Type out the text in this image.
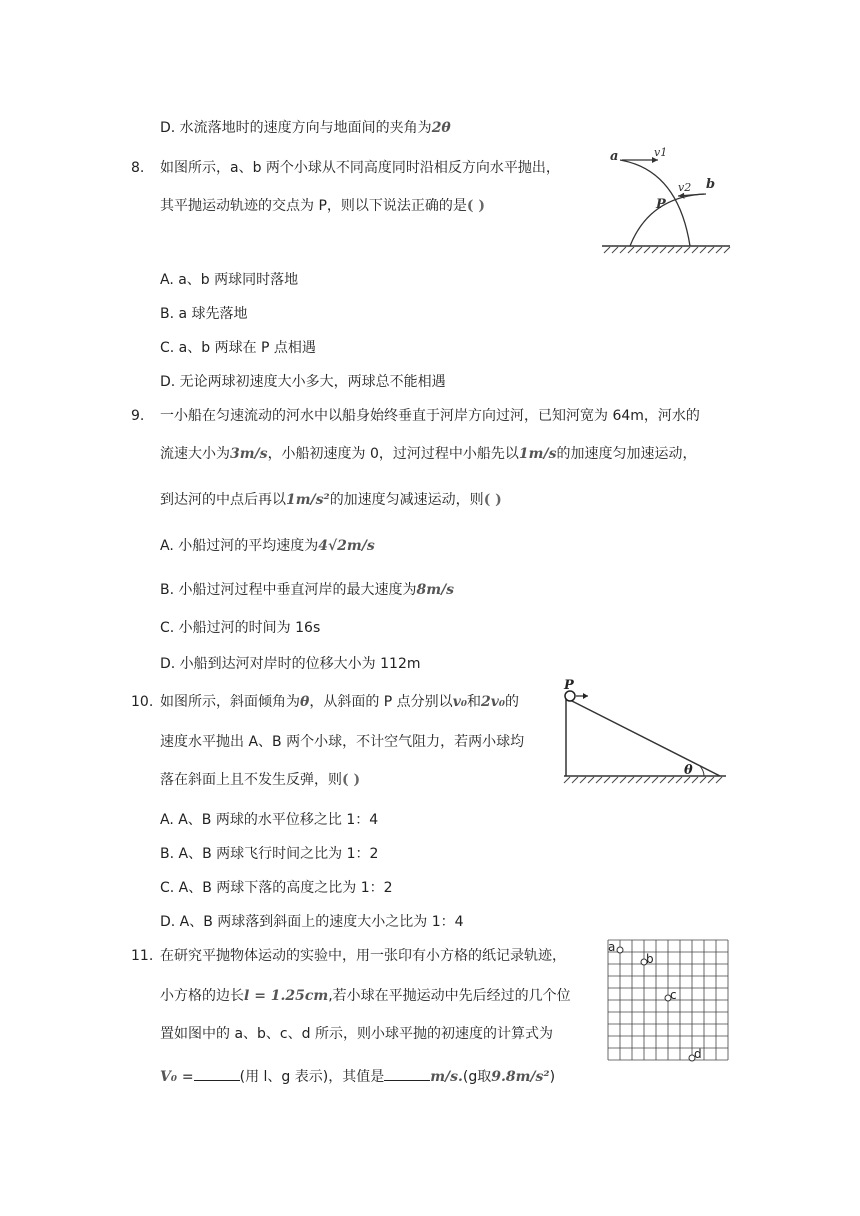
D. 水流落地时的速度方向与地面间的夹角为2θ
8. 如图所示，a、b 两个小球从不同高度同时沿相反方向水平抛出，
其平抛运动轨迹的交点为 P，则以下说法正确的是( )
a	v1
v2 b
P
A. a、b 两球同时落地
B. a 球先落地
C. a、b 两球在 P 点相遇
D. 无论两球初速度大小多大，两球总不能相遇
9. 一小船在匀速流动的河水中以船身始终垂直于河岸方向过河，已知河宽为 64m，河水的
流速大小为3m/s，小船初速度为 0，过河过程中小船先以1m/s的加速度匀加速运动，
到达河的中点后再以1m/s²的加速度匀减速运动，则( )
A. 小船过河的平均速度为4√2m/s
B. 小船过河过程中垂直河岸的最大速度为8m/s
C. 小船过河的时间为 16s
D. 小船到达河对岸时的位移大小为 112m
10. 如图所示，斜面倾角为θ，从斜面的 P 点分别以v₀和2v₀的
速度水平抛出 A、B 两个小球，不计空气阻力，若两小球均
落在斜面上且不发生反弹，则( )
P
θ
A. A、B 两球的水平位移之比 1：4
B. A、B 两球飞行时间之比为 1：2
C. A、B 两球下落的高度之比为 1：2
D. A、B 两球落到斜面上的速度大小之比为 1：4
11. 在研究平抛物体运动的实验中，用一张印有小方格的纸记录轨迹，
小方格的边长l = 1.25cm,若小球在平抛运动中先后经过的几个位
置如图中的 a、b、c、d 所示，则小球平抛的初速度的计算式为
V₀ =	(用 l、g 表示)，其值是	m/s.(g取9.8m/s²)
a
b
c
d
